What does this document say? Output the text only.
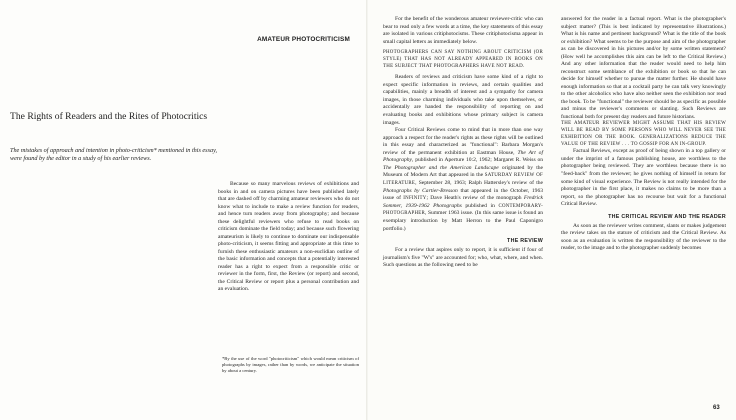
AMATEUR PHOTOCRITICISM
The Rights of Readers and the Rites of Photocritics
The mistakes of approach and intention in photo-criticism* mentioned in this essay, were found by the editor in a study of his earlier reviews.

Because so many marvelous reviews of exhibitions and books in and on camera pictures have been published lately that are dashed off by charming amateur reviewers who do not know what to include to make a review function for readers, and hence turn readers away from photography; and because these delightful reviewers who refuse to read books on criticism dominate the field today; and because such flowering amateurism is likely to continue to dominate our indispensable photo-criticism, it seems fitting and appropriate at this time to furnish these enthusiastic amateurs a non-euclidian outline of the basic information and concepts that a potentially interested reader has a right to expect from a responsible critic or reviewer in the form, first, the Review (or report) and second, the Critical Review or report plus a personal contribution and an evaluation.

*By the use of the word "photocriticism" which would mean criticism of photographs by images, rather than by words, we anticipate the situation by about a century.

For the benefit of the wonderous amateur reviewer-critic who can bear to read only a few words at a time, the key statements of this essay are isolated in various critiphotocisms. These critiphotocisma appear in small capital letters as immediately below.

PHOTOGRAPHERS CAN SAY NOTHING ABOUT CRITICISM (OR STYLE) THAT HAS NOT ALREADY APPEARED IN BOOKS ON THE SUBJECT THAT PHOTOGRAPHERS HAVE NOT READ.

Readers of reviews and criticism have some kind of a right to expect specific information in reviews, and certain qualities and capabilities, mainly a breadth of interest and a sympathy for camera images, in those charming individuals who take upon themselves, or accidentally are handed the responsibility of reporting on and evaluating books and exhibitions whose primary subject is camera images.

Four Critical Reviews come to mind that in more than one way approach a respect for the reader's rights as these rights will be outlined in this essay and characterized as "functional": Barbara Morgan's review of the permanent exhibition at Eastman House, The Art of Photography, published in Aperture 10:2, 1962; Margaret R. Weiss on The Photographer and the American Landscape originated by the Museum of Modern Art that appeared in the SATURDAY REVIEW OF LITERATURE, September 28, 1963; Ralph Hattersley's review of the Photographs by Cartier-Bresson that appeared in the October, 1963 issue of INFINITY; Dave Heath's review of the monograph Fredrick Sommer, 1939-1962 Photographs published in CONTEMPORARY-PHOTOGRAPHER, Summer 1963 issue. (In this same issue is found an exemplary introduction by Matt Herron to the Paul Caponigro portfolio.)

THE REVIEW

For a review that aspires only to report, it is sufficient if four of journalism's five "W's" are accounted for; who, what, where, and when. Such questions as the following need to be

answered for the reader in a factual report. What is the photographer's subject matter? (This is best indicated by representative illustrations.) What is his name and pertinent background? What is the title of the book or exhibition? What seems to be the purpose and aim of the photographer as can be discovered in his pictures and/or by some written statement? (How well he accomplishes this aim can be left to the Critical Review.) And any other information that the reader would need to help him reconstruct some semblance of the exhibition or book so that he can decide for himself whether to pursue the matter further. He should have enough information so that at a cocktail party he can talk very knowingly to the other alcoholics who have also neither seen the exhibition nor read the book. To be "functional" the reviewer should be as specific as possible and minus the reviewer's comments or slanting. Such Reviews are functional both for present day readers and future historians.

THE AMATEUR REVIEWER MIGHT ASSUME THAT HIS REVIEW WILL BE READ BY SOME PERSONS WHO WILL NEVER SEE THE EXHIBITION OR THE BOOK. GENERALIZATIONS REDUCE THE VALUE OF THE REVIEW . . . TO GOSSIP FOR AN IN-GROUP.

Factual Reviews, except as proof of being shown in a top gallery or under the imprint of a famous publishing house, are worthless to the photographer being reviewed. They are worthless because there is no "feed-back" from the reviewer; he gives nothing of himself in return for some kind of visual experience. The Review is not really intended for the photographer in the first place, it makes no claims to be more than a report, so the photographer has no recourse but wait for a functional Critical Review.

THE CRITICAL REVIEW AND THE READER

As soon as the reviewer writes comment, slants or makes judgement the review takes on the stature of criticism and the Critical Review. As soon as an evaluation is written the responsibility of the reviewer to the reader, to the image and to the photographer suddenly becomes

63
